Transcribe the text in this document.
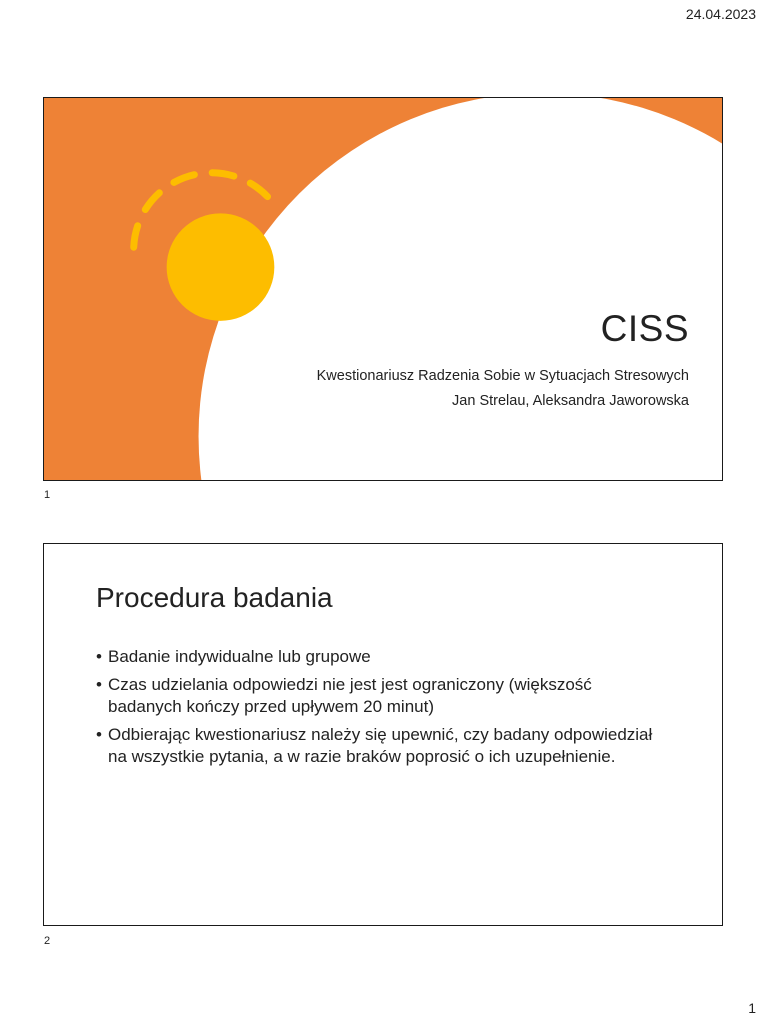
24.04.2023
CISS
Kwestionariusz Radzenia Sobie w Sytuacjach Stresowych
Jan Strelau, Aleksandra Jaworowska
1
Procedura badania
• Badanie indywidualne lub grupowe
• Czas udzielania odpowiedzi nie jest jest ograniczony (większość badanych kończy przed upływem 20 minut)
• Odbierając kwestionariusz należy się upewnić, czy badany odpowiedział na wszystkie pytania, a w razie braków poprosić o ich uzupełnienie.
2
1
